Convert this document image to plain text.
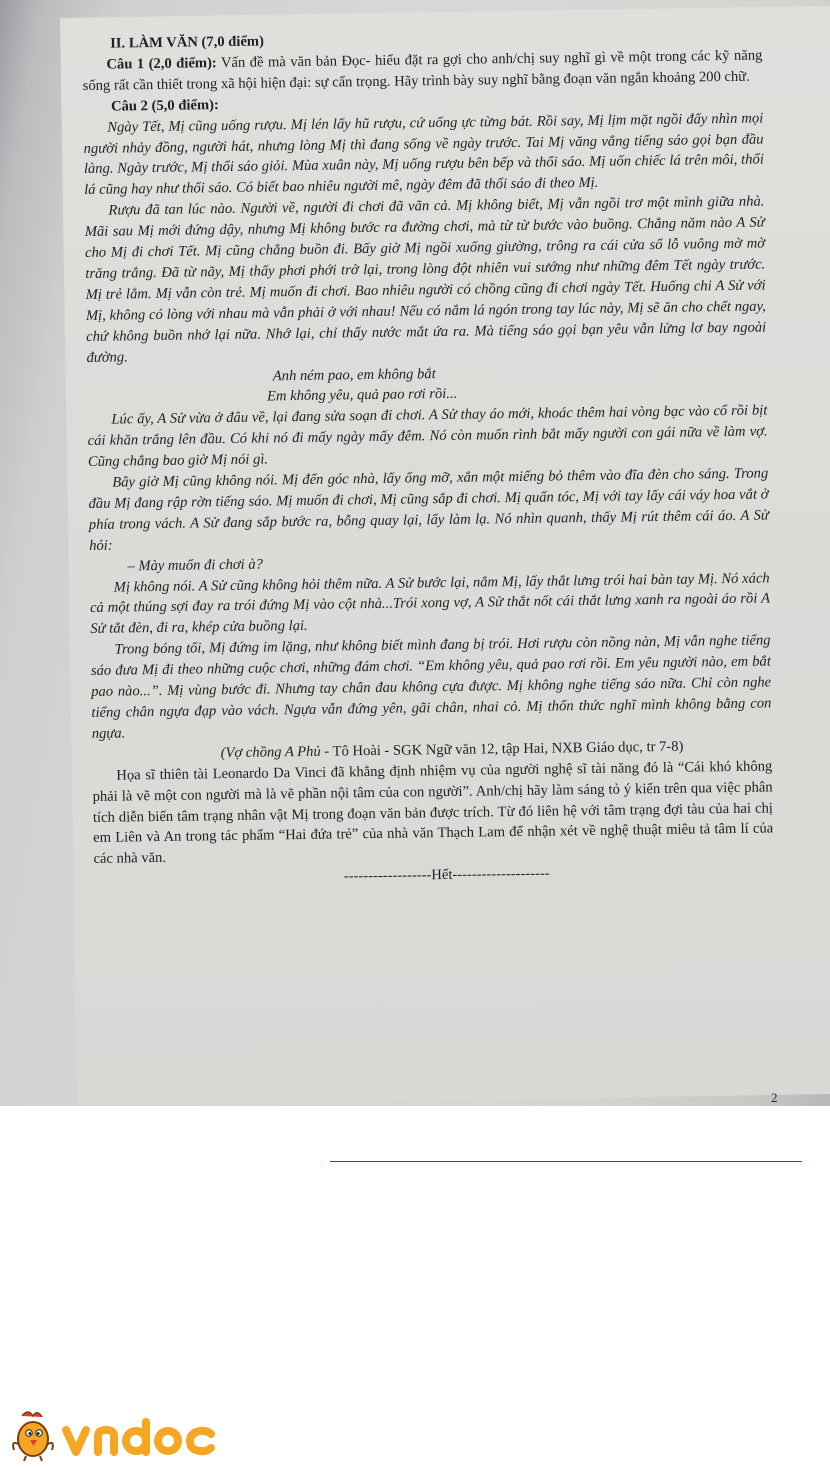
II. LÀM VĂN (7,0 điểm)

Câu 1 (2,0 điểm): Vấn đề mà văn bản Đọc- hiểu đặt ra gợi cho anh/chị suy nghĩ gì về một trong các kỹ năng sống rất cần thiết trong xã hội hiện đại: sự cẩn trọng. Hãy trình bày suy nghĩ bằng đoạn văn ngắn khoảng 200 chữ.

Câu 2 (5,0 điểm):

Ngày Tết, Mị cũng uống rượu. Mị lén lấy hũ rượu, cứ uống ực từng bát. Rồi say, Mị lịm mặt ngồi đấy nhìn mọi người nhảy đồng, người hát, nhưng lòng Mị thì đang sống về ngày trước. Tai Mị văng vẳng tiếng sáo gọi bạn đầu làng. Ngày trước, Mị thổi sáo giỏi. Mùa xuân này, Mị uống rượu bên bếp và thổi sáo. Mị uốn chiếc lá trên môi, thổi lá cũng hay như thổi sáo. Có biết bao nhiêu người mê, ngày đêm đã thổi sáo đi theo Mị.

Rượu đã tan lúc nào. Người về, người đi chơi đã vãn cả. Mị không biết, Mị vẫn ngồi trơ một mình giữa nhà. Mãi sau Mị mới đứng dậy, nhưng Mị không bước ra đường chơi, mà từ từ bước vào buồng. Chẳng năm nào A Sử cho Mị đi chơi Tết. Mị cũng chẳng buồn đi. Bấy giờ Mị ngồi xuống giường, trông ra cái cửa sổ lỗ vuông mờ mờ trăng trắng. Đã từ nãy, Mị thấy phơi phới trở lại, trong lòng đột nhiên vui sướng như những đêm Tết ngày trước. Mị trẻ lắm. Mị vẫn còn trẻ. Mị muốn đi chơi. Bao nhiêu người có chồng cũng đi chơi ngày Tết. Huống chi A Sử với Mị, không có lòng với nhau mà vẫn phải ở với nhau! Nếu có nắm lá ngón trong tay lúc này, Mị sẽ ăn cho chết ngay, chứ không buồn nhớ lại nữa. Nhớ lại, chỉ thấy nước mắt ứa ra. Mà tiếng sáo gọi bạn yêu vẫn lửng lơ bay ngoài đường.

Anh ném pao, em không bắt

Em không yêu, quả pao rơi rồi...

Lúc ấy, A Sử vừa ở đâu về, lại đang sửa soạn đi chơi. A Sử thay áo mới, khoác thêm hai vòng bạc vào cổ rồi bịt cái khăn trắng lên đầu. Có khi nó đi mấy ngày mấy đêm. Nó còn muốn rình bắt mấy người con gái nữa về làm vợ. Cũng chẳng bao giờ Mị nói gì.

Bây giờ Mị cũng không nói. Mị đến góc nhà, lấy ống mỡ, xắn một miếng bỏ thêm vào đĩa đèn cho sáng. Trong đầu Mị đang rập rờn tiếng sáo. Mị muốn đi chơi, Mị cũng sắp đi chơi. Mị quấn tóc, Mị với tay lấy cái váy hoa vắt ở phía trong vách. A Sử đang sắp bước ra, bỗng quay lại, lấy làm lạ. Nó nhìn quanh, thấy Mị rút thêm cái áo. A Sử hỏi:

– Mày muốn đi chơi à?

Mị không nói. A Sử cũng không hỏi thêm nữa. A Sử bước lại, nắm Mị, lấy thắt lưng trói hai bàn tay Mị. Nó xách cả một thúng sợi đay ra trói đứng Mị vào cột nhà...Trói xong vợ, A Sử thắt nốt cái thắt lưng xanh ra ngoài áo rồi A Sử tắt đèn, đi ra, khép cửa buồng lại.

Trong bóng tối, Mị đứng im lặng, như không biết mình đang bị trói. Hơi rượu còn nồng nàn, Mị vẫn nghe tiếng sáo đưa Mị đi theo những cuộc chơi, những đám chơi. “Em không yêu, quả pao rơi rồi. Em yêu người nào, em bắt pao nào...”. Mị vùng bước đi. Nhưng tay chân đau không cựa được. Mị không nghe tiếng sáo nữa. Chỉ còn nghe tiếng chân ngựa đạp vào vách. Ngựa vẫn đứng yên, gãi chân, nhai cỏ. Mị thổn thức nghĩ mình không bằng con ngựa.

(Vợ chồng A Phủ - Tô Hoài - SGK Ngữ văn 12, tập Hai, NXB Giáo dục, tr 7-8)

Họa sĩ thiên tài Leonardo Da Vinci đã khẳng định nhiệm vụ của người nghệ sĩ tài năng đó là “Cái khó không phải là vẽ một con người mà là vẽ phần nội tâm của con người”. Anh/chị hãy làm sáng tỏ ý kiến trên qua việc phân tích diễn biến tâm trạng nhân vật Mị trong đoạn văn bản được trích. Từ đó liên hệ với tâm trạng đợi tàu của hai chị em Liên và An trong tác phẩm “Hai đứa trẻ” của nhà văn Thạch Lam để nhận xét về nghệ thuật miêu tả tâm lí của các nhà văn.

------------------Hết--------------------

2
